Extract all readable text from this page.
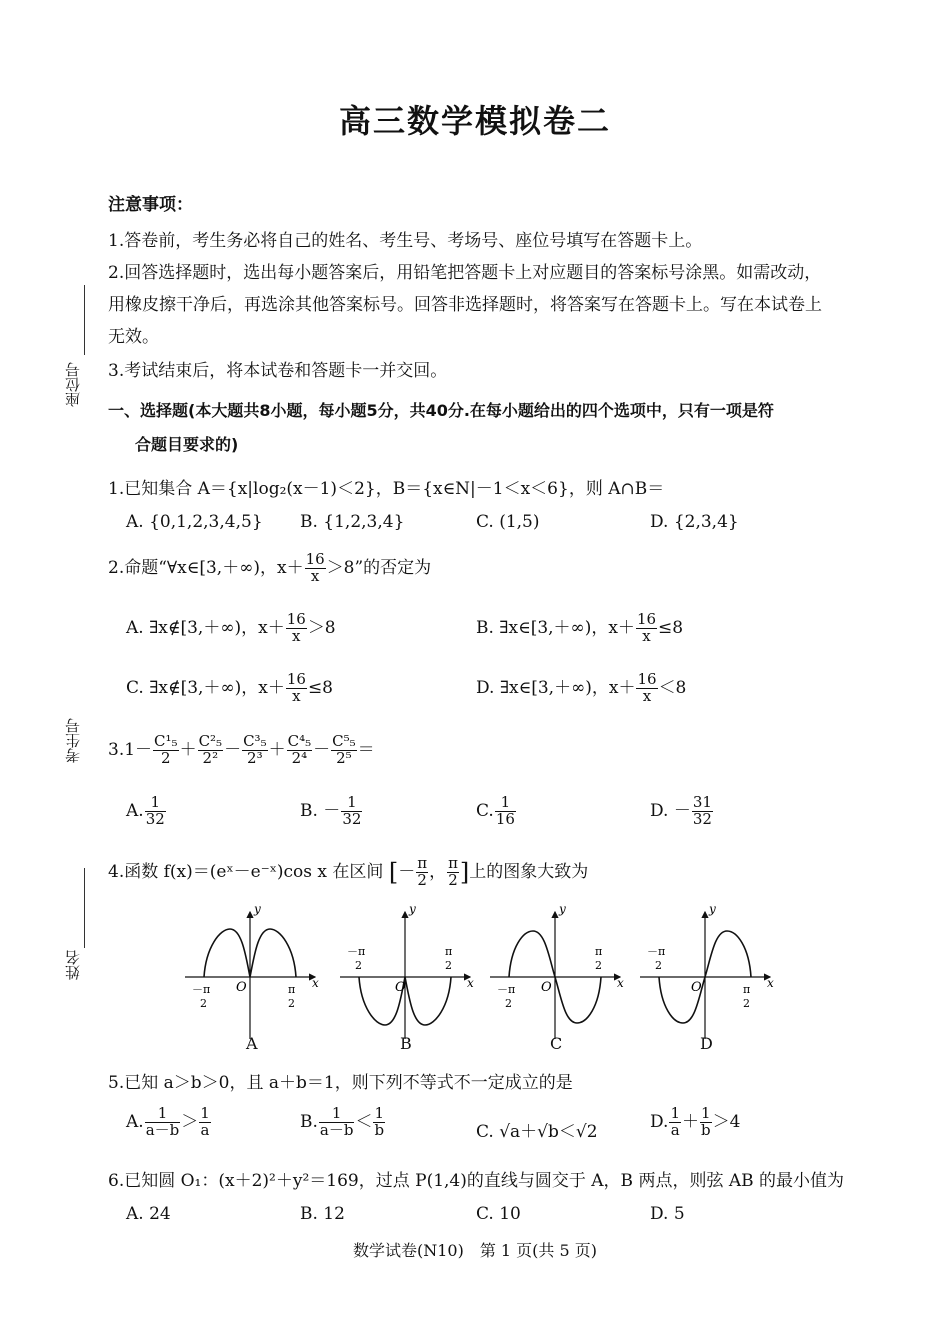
座位号
考生号
姓名
高三数学模拟卷二
注意事项：
1.答卷前，考生务必将自己的姓名、考生号、考场号、座位号填写在答题卡上。
2.回答选择题时，选出每小题答案后，用铅笔把答题卡上对应题目的答案标号涂黑。如需改动，
用橡皮擦干净后，再选涂其他答案标号。回答非选择题时，将答案写在答题卡上。写在本试卷上
无效。
3.考试结束后，将本试卷和答题卡一并交回。
一、选择题(本大题共8小题，每小题5分，共40分.在每小题给出的四个选项中，只有一项是符
合题目要求的)
1.已知集合 A＝{x|log₂(x－1)＜2}，B＝{x∈N|－1＜x＜6}，则 A∩B＝
A. {0,1,2,3,4,5} B. {1,2,3,4}	C. (1,5)	D. {2,3,4}
2.命题“∀x∈[3,＋∞)，$x+ \frac{16}{x} >8$”的否定为
A. ∃x∉[3,＋∞)，$x+ \frac{16}{x} >8$	B. ∃x∈[3,＋∞)，$x+ \frac{16}{x} \le 8$
C. ∃x∉[3,＋∞)，$x+ \frac{16}{x} \le 8$	D. ∃x∈[3,＋∞)，$x+ \frac{16}{x} <8$
$3.1- \frac{\text{C¹₅}}{2} + \frac{\text{C²₅}}{\text{2²}} - \frac{\text{C³₅}}{\text{2³}} + \frac{\text{C⁴₅}}{\text{2⁴}} - \frac{\text{C⁵₅}}{\text{2⁵}}$ ＝
A. $\frac{1}{32}$	B. － $\frac{1}{32}$	C. $\frac{1}{16}$	D. － $\frac{31}{32}$
4.函数 f(x)＝(eˣ－e⁻ˣ)cos x 在区间 [－ $\frac{\pi}{2}$ ， $\frac{\pi}{2}$ ]上的图象大致为
y
x
O
－π
2
π
2
y
x
O
－π
2
π
2
y
x
O
－π
2
π
2
y
x
O
－π
2
π
2
A	B	C	D
5.已知 a＞b＞0，且 a＋b＝1，则下列不等式不一定成立的是
A. $\frac{1}{a-b} > \frac{1}{a}$	B. $\frac{1}{a-b} < \frac{1}{b}$	C. √a＋√b＜√2
D. $\frac{1}{a} + \frac{1}{b} >4$
6.已知圆 O₁：(x＋2)²＋y²＝169，过点 P(1,4)的直线与圆交于 A，B 两点，则弦 AB 的最小值为
A. 24	B. 12	C. 10	D. 5
数学试卷(N10)　第 1 页(共 5 页)
